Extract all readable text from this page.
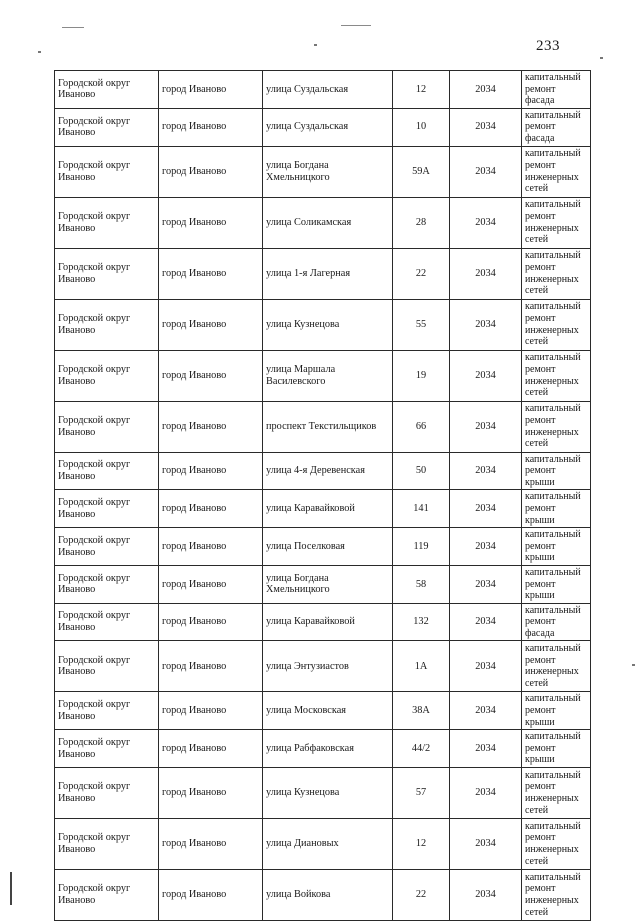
233
Городской округ Иваново	город Иваново	улица Суздальская	12	2034	капитальный ремонт фасада
Городской округ Иваново	город Иваново	улица Суздальская	10	2034	капитальный ремонт фасада
Городской округ Иваново	город Иваново	улица Богдана Хмельницкого	59А	2034	капитальный ремонт инженерных сетей
Городской округ Иваново	город Иваново	улица Соликамская	28	2034	капитальный ремонт инженерных сетей
Городской округ Иваново	город Иваново	улица 1-я Лагерная	22	2034	капитальный ремонт инженерных сетей
Городской округ Иваново	город Иваново	улица Кузнецова	55	2034	капитальный ремонт инженерных сетей
Городской округ Иваново	город Иваново	улица Маршала Василевского	19	2034	капитальный ремонт инженерных сетей
Городской округ Иваново	город Иваново	проспект Текстильщиков	66	2034	капитальный ремонт инженерных сетей
Городской округ Иваново	город Иваново	улица 4-я Деревенская	50	2034	капитальный ремонт крыши
Городской округ Иваново	город Иваново	улица Каравайковой	141	2034	капитальный ремонт крыши
Городской округ Иваново	город Иваново	улица Поселковая	119	2034	капитальный ремонт крыши
Городской округ Иваново	город Иваново	улица Богдана Хмельницкого	58	2034	капитальный ремонт крыши
Городской округ Иваново	город Иваново	улица Каравайковой	132	2034	капитальный ремонт фасада
Городской округ Иваново	город Иваново	улица Энтузиастов	1А	2034	капитальный ремонт инженерных сетей
Городской округ Иваново	город Иваново	улица Московская	38А	2034	капитальный ремонт крыши
Городской округ Иваново	город Иваново	улица Рабфаковская	44/2	2034	капитальный ремонт крыши
Городской округ Иваново	город Иваново	улица Кузнецова	57	2034	капитальный ремонт инженерных сетей
Городской округ Иваново	город Иваново	улица Диановых	12	2034	капитальный ремонт инженерных сетей
Городской округ Иваново	город Иваново	улица Войкова	22	2034	капитальный ремонт инженерных сетей
